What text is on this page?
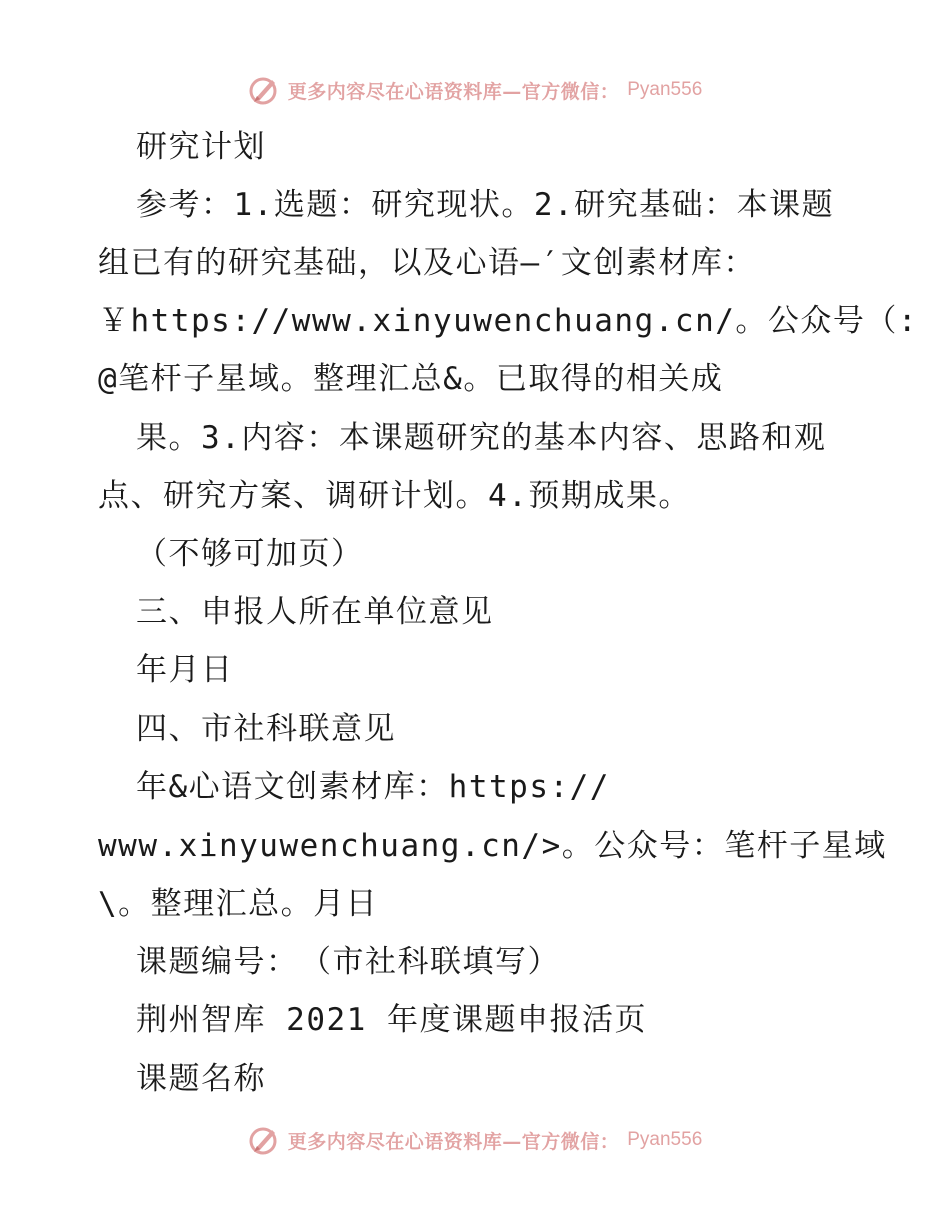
更多内容尽在心语资料库—官方微信： Pyan556
研究计划
参考：1.选题：研究现状。2.研究基础：本课题
组已有的研究基础，以及心语—′文创素材库：
￥https://www.xinyuwenchuang.cn/。公众号（:
@笔杆子星域。整理汇总&。已取得的相关成
果。3.内容：本课题研究的基本内容、思路和观
点、研究方案、调研计划。4.预期成果。
（不够可加页）
三、申报人所在单位意见
年月日
四、市社科联意见
年&心语文创素材库：https://
www.xinyuwenchuang.cn/>。公众号：笔杆子星域
\。整理汇总。月日
课题编号：　（市社科联填写）
荆州智库 2021 年度课题申报活页
课题名称
更多内容尽在心语资料库—官方微信： Pyan556
